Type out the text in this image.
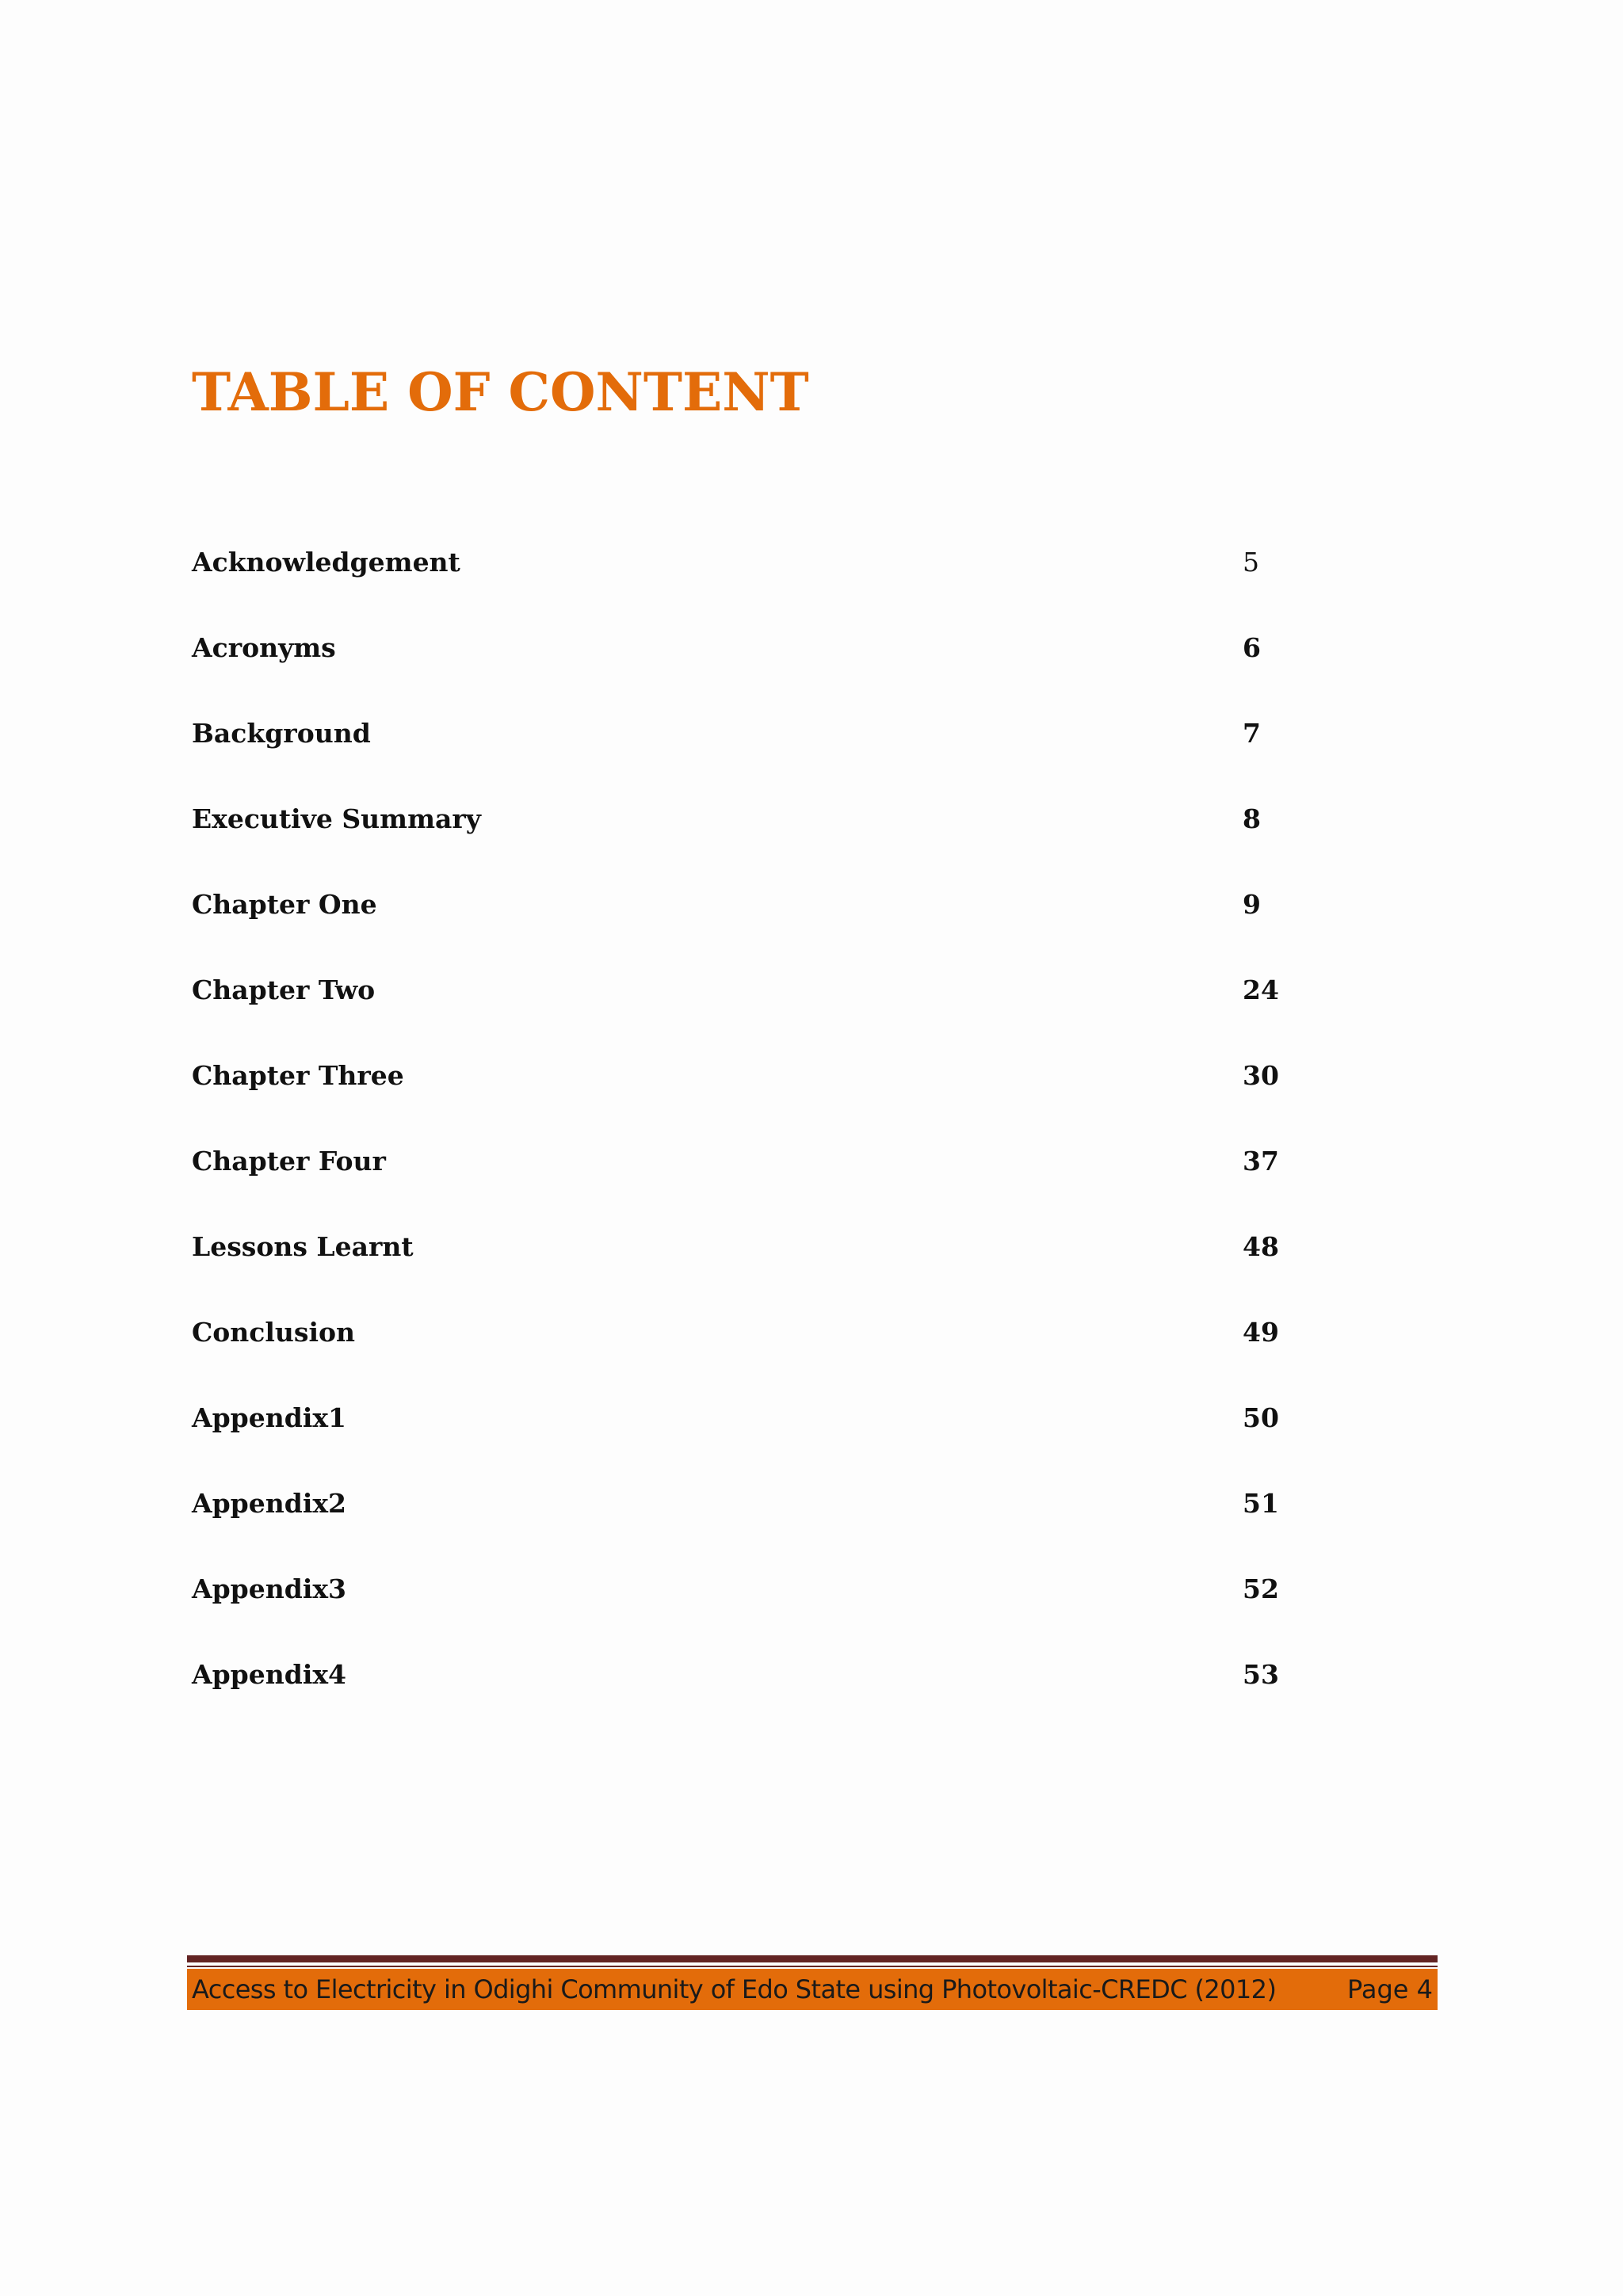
TABLE OF CONTENT
Acknowledgement	5
Acronyms	6
Background	7
Executive Summary	8
Chapter One	9
Chapter Two	24
Chapter Three	30
Chapter Four	37
Lessons Learnt	48
Conclusion	49
Appendix1	50
Appendix2	51
Appendix3	52
Appendix4	53
Access to Electricity in Odighi Community of Edo State using Photovoltaic-CREDC (2012)	Page 4
